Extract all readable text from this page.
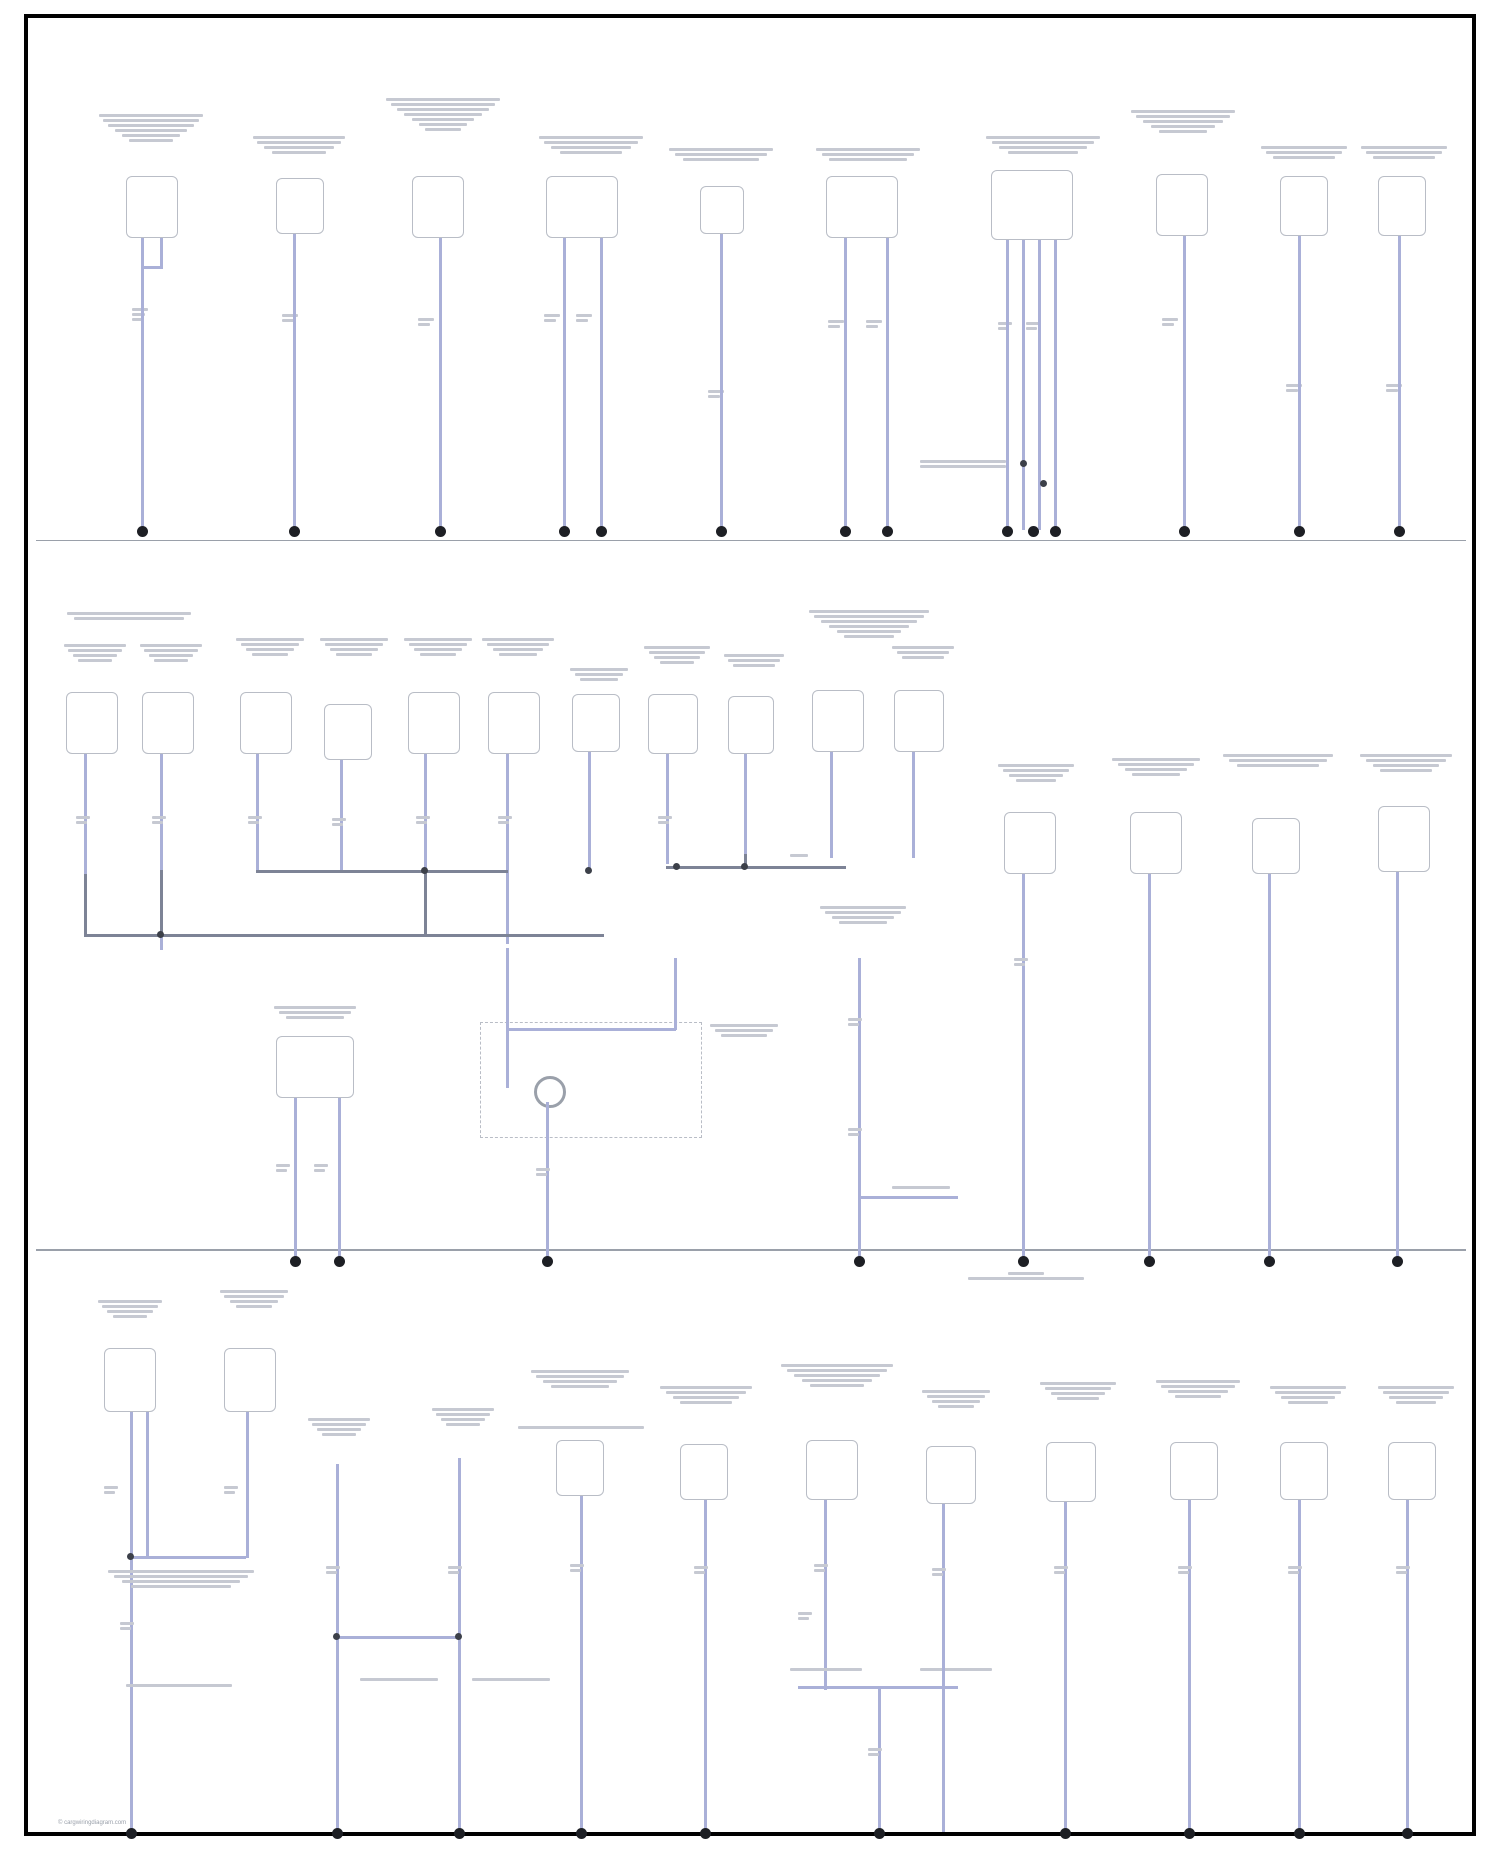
© cargwiringdiagram.com
